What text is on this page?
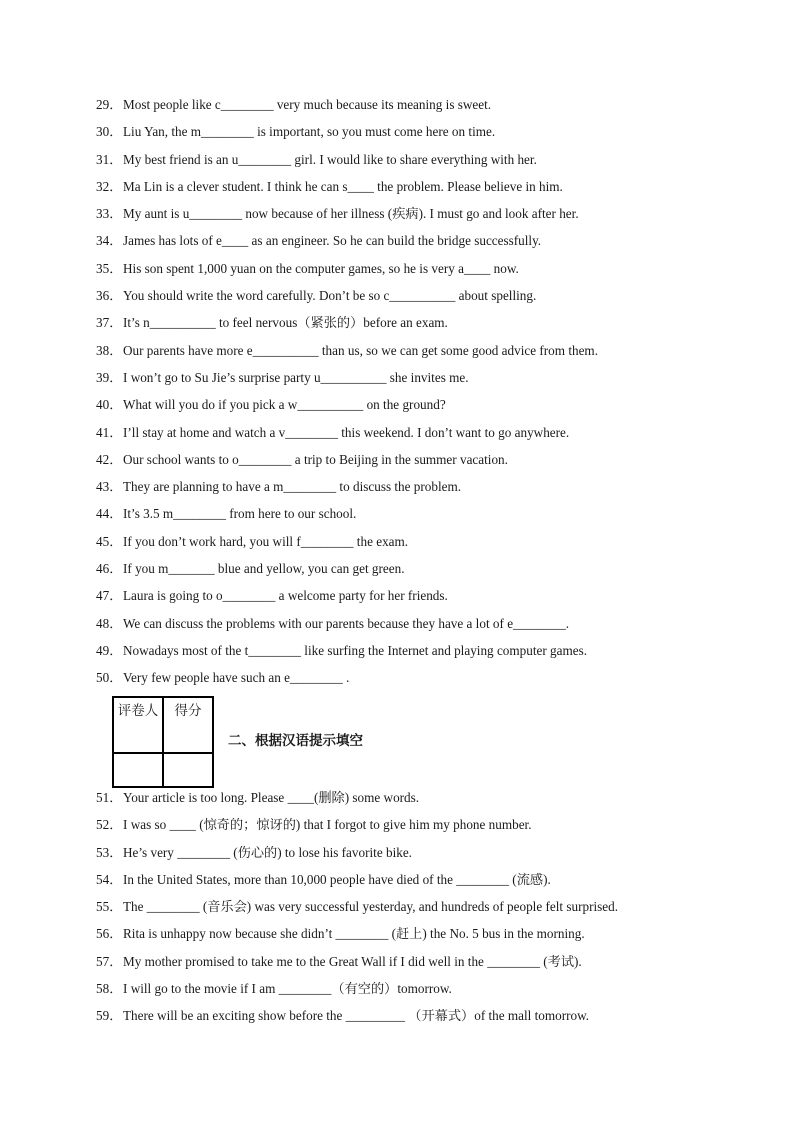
29．Most people like c________ very much because its meaning is sweet.
30．Liu Yan, the m________ is important, so you must come here on time.
31．My best friend is an u________ girl. I would like to share everything with her.
32．Ma Lin is a clever student. I think he can s____ the problem. Please believe in him.
33．My aunt is u________ now because of her illness (疾病). I must go and look after her.
34．James has lots of e____ as an engineer. So he can build the bridge successfully.
35．His son spent 1,000 yuan on the computer games, so he is very a____ now.
36．You should write the word carefully. Don’t be so c__________ about spelling.
37．It’s n__________ to feel nervous（紧张的）before an exam.
38．Our parents have more e__________ than us, so we can get some good advice from them.
39．I won’t go to Su Jie’s surprise party u__________ she invites me.
40．What will you do if you pick a w__________ on the ground?
41．I’ll stay at home and watch a v________ this weekend. I don’t want to go anywhere.
42．Our school wants to o________ a trip to Beijing in the summer vacation.
43．They are planning to have a m________ to discuss the problem.
44．It’s 3.5 m________ from here to our school.
45．If you don’t work hard, you will f________ the exam.
46．If you m_______ blue and yellow, you can get green.
47．Laura is going to o________ a welcome party for her friends.
48．We can discuss the problems with our parents because they have a lot of e________.
49．Nowadays most of the t________ like surfing the Internet and playing computer games.
50．Very few people have such an e________ .
评卷人	得分

二、根据汉语提示填空
51．Your article is too long. Please ____(删除) some words.
52．I was so ____ (惊奇的；惊讶的) that I forgot to give him my phone number.
53．He’s very ________ (伤心的) to lose his favorite bike.
54．In the United States, more than 10,000 people have died of the ________ (流感).
55．The ________ (音乐会) was very successful yesterday, and hundreds of people felt surprised.
56．Rita is unhappy now because she didn’t ________ (赶上) the No. 5 bus in the morning.
57．My mother promised to take me to the Great Wall if I did well in the ________ (考试).
58．I will go to the movie if I am ________（有空的）tomorrow.
59．There will be an exciting show before the _________ （开幕式）of the mall tomorrow.
